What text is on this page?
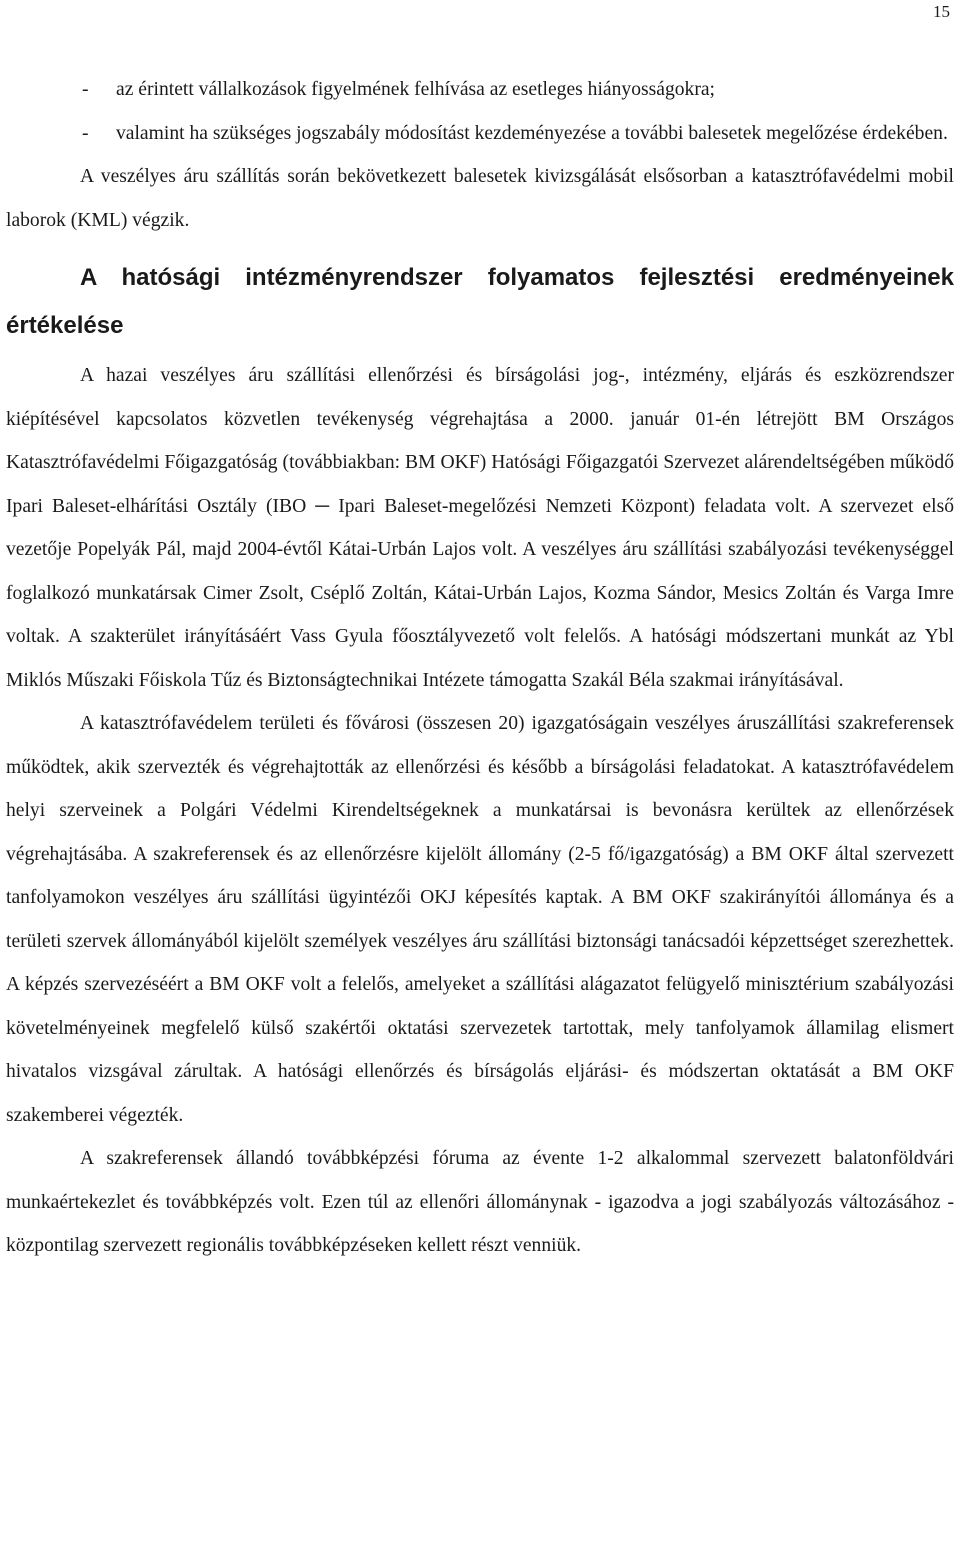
15
- az érintett vállalkozások figyelmének felhívása az esetleges hiányosságokra;
- valamint ha szükséges jogszabály módosítást kezdeményezése a további balesetek megelőzése érdekében.

A veszélyes áru szállítás során bekövetkezett balesetek kivizsgálását elsősorban a katasztrófavédelmi mobil laborok (KML) végzik.

A hatósági intézményrendszer folyamatos fejlesztési eredményeinek értékelése

A hazai veszélyes áru szállítási ellenőrzési és bírságolási jog-, intézmény, eljárás és eszközrendszer kiépítésével kapcsolatos közvetlen tevékenység végrehajtása a 2000. január 01-én létrejött BM Országos Katasztrófavédelmi Főigazgatóság (továbbiakban: BM OKF) Hatósági Főigazgatói Szervezet alárendeltségében működő Ipari Baleset-elhárítási Osztály (IBO ─ Ipari Baleset-megelőzési Nemzeti Központ) feladata volt. A szervezet első vezetője Popelyák Pál, majd 2004-évtől Kátai-Urbán Lajos volt. A veszélyes áru szállítási szabályozási tevékenységgel foglalkozó munkatársak Cimer Zsolt, Cséplő Zoltán, Kátai-Urbán Lajos, Kozma Sándor, Mesics Zoltán és Varga Imre voltak. A szakterület irányításáért Vass Gyula főosztályvezető volt felelős. A hatósági módszertani munkát az Ybl Miklós Műszaki Főiskola Tűz és Biztonságtechnikai Intézete támogatta Szakál Béla szakmai irányításával.

A katasztrófavédelem területi és fővárosi (összesen 20) igazgatóságain veszélyes áruszállítási szakreferensek működtek, akik szervezték és végrehajtották az ellenőrzési és később a bírságolási feladatokat. A katasztrófavédelem helyi szerveinek a Polgári Védelmi Kirendeltségeknek a munkatársai is bevonásra kerültek az ellenőrzések végrehajtásába. A szakreferensek és az ellenőrzésre kijelölt állomány (2-5 fő/igazgatóság) a BM OKF által szervezett tanfolyamokon veszélyes áru szállítási ügyintézői OKJ képesítés kaptak. A BM OKF szakirányítói állománya és a területi szervek állományából kijelölt személyek veszélyes áru szállítási biztonsági tanácsadói képzettséget szerezhettek. A képzés szervezéséért a BM OKF volt a felelős, amelyeket a szállítási alágazatot felügyelő minisztérium szabályozási követelményeinek megfelelő külső szakértői oktatási szervezetek tartottak, mely tanfolyamok államilag elismert hivatalos vizsgával zárultak. A hatósági ellenőrzés és bírságolás eljárási- és módszertan oktatását a BM OKF szakemberei végezték.

A szakreferensek állandó továbbképzési fóruma az évente 1-2 alkalommal szervezett balatonföldvári munkaértekezlet és továbbképzés volt. Ezen túl az ellenőri állománynak - igazodva a jogi szabályozás változásához - központilag szervezett regionális továbbképzéseken kellett részt venniük.
